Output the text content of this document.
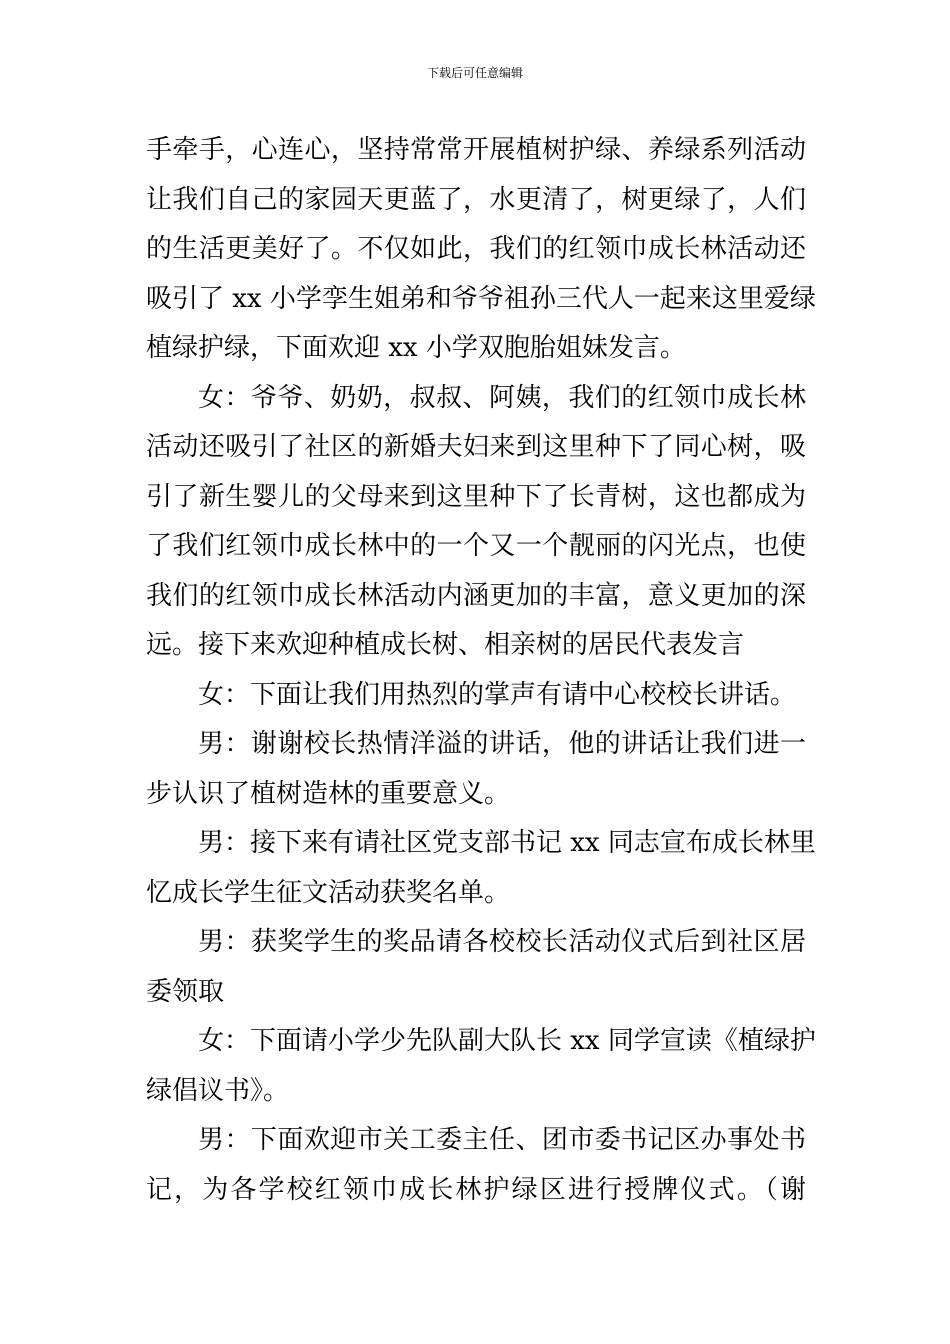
下载后可任意编辑
手牵手，心连心，坚持常常开展植树护绿、养绿系列活动
让我们自己的家园天更蓝了，水更清了，树更绿了，人们
的生活更美好了。不仅如此，我们的红领巾成长林活动还
吸引了 xx 小学孪生姐弟和爷爷祖孙三代人一起来这里爱绿
植绿护绿，下面欢迎 xx 小学双胞胎姐妹发言。
女：爷爷、奶奶，叔叔、阿姨，我们的红领巾成长林
活动还吸引了社区的新婚夫妇来到这里种下了同心树，吸
引了新生婴儿的父母来到这里种下了长青树，这也都成为
了我们红领巾成长林中的一个又一个靓丽的闪光点，也使
我们的红领巾成长林活动内涵更加的丰富，意义更加的深
远。接下来欢迎种植成长树、相亲树的居民代表发言
女：下面让我们用热烈的掌声有请中心校校长讲话。
男：谢谢校长热情洋溢的讲话，他的讲话让我们进一
步认识了植树造林的重要意义。
男：接下来有请社区党支部书记 xx 同志宣布成长林里
忆成长学生征文活动获奖名单。
男：获奖学生的奖品请各校校长活动仪式后到社区居
委领取
女：下面请小学少先队副大队长 xx 同学宣读《植绿护
绿倡议书》。
男：下面欢迎市关工委主任、团市委书记区办事处书
记，为各学校红领巾成长林护绿区进行授牌仪式。（谢
